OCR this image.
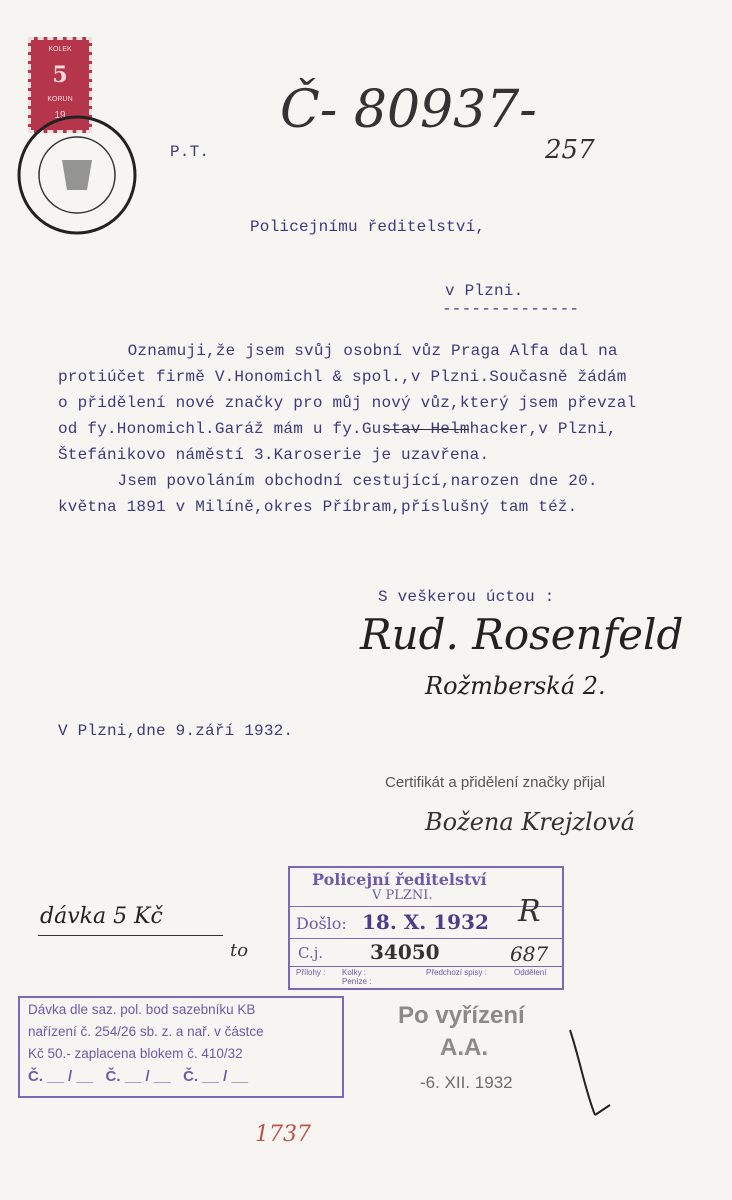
KOLEK
5
KORUN
19	Č- 80937-
257
P.T.
Policejnímu ředitelství,
v Plzni.
--------------
Oznamuji,že jsem svůj osobní vůz Praga Alfa dal na
protiúčet firmě V.Honomichl & spol.,v Plzni.Současně žádám
o přidělení nové značky pro můj nový vůz,který jsem převzal
od fy.Honomichl.Garáž mám u fy.Gustav Helmhacker,v Plzni,
Štefánikovo náměstí 3.Karoserie je uzavřena.
Jsem povoláním obchodní cestující,narozen dne 20.
května 1891 v Milíně,okres Příbram,příslušný tam též.
S veškerou úctou :
Rud. Rosenfeld
Rožmberská 2.
V Plzni,dne 9.září 1932.
Certifikát a přidělení značky přijal
Božena Krejzlová
Policejní ředitelství
V PLZNI.
Došlo: 18. X. 1932
C.j. 34050	687
Přílohy : Kolky : Peníze :
Předchozí spisy :	Oddělení
R
dávka 5 Kč
to
Po vyřízení
A.A.
-6. XII. 1932
Dávka dle saz. pol. bod sazebníku KB
nařízení č. 254/26 sb. z. a nař. v částce
Kč 50.- zaplacena blokem č. 410/32
Č. __ / __   Č. __ / __   Č. __ / __
1737
